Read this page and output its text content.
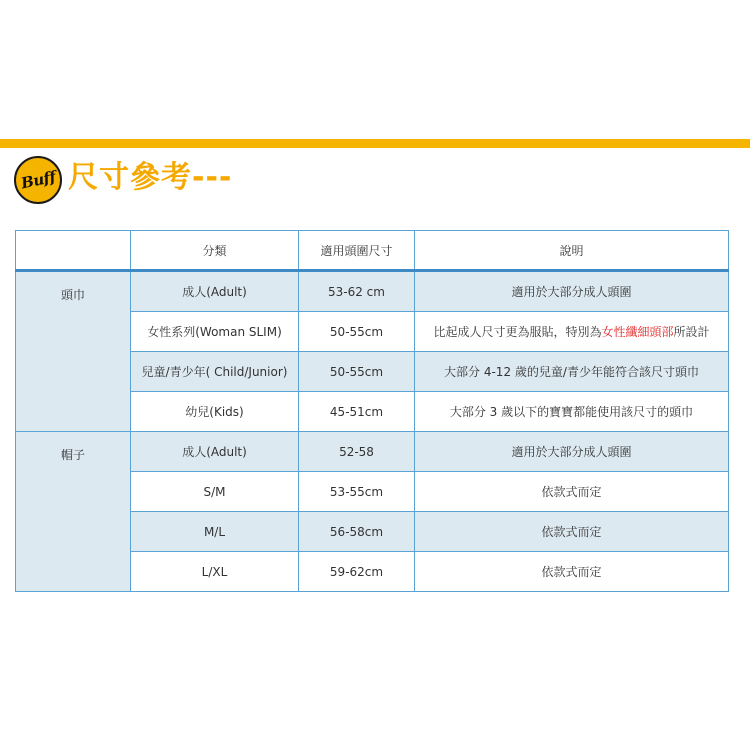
Buff 尺寸參考---
	分類	適用頭圍尺寸	說明
頭巾	成人(Adult)	53-62 cm	適用於大部分成人頭圍
	女性系列(Woman SLIM)	50-55cm	比起成人尺寸更為服貼，特別為女性纖細頭部所設計
	兒童/青少年( Child/Junior)	50-55cm	大部分 4-12 歲的兒童/青少年能符合該尺寸頭巾
	幼兒(Kids)	45-51cm	大部分 3 歲以下的寶寶都能使用該尺寸的頭巾
帽子	成人(Adult)	52-58	適用於大部分成人頭圍
	S/M	53-55cm	依款式而定
	M/L	56-58cm	依款式而定
	L/XL	59-62cm	依款式而定
